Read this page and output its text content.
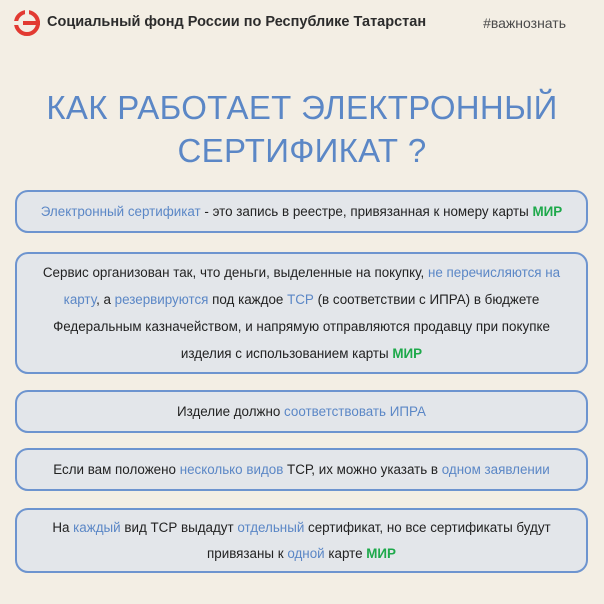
Социальный фонд России по Республике Татарстан	#важнознать
КАК РАБОТАЕТ ЭЛЕКТРОННЫЙ
СЕРТИФИКАТ ?
Электронный сертификат - это запись в реестре, привязанная к номеру карты МИР
Сервис организован так, что деньги, выделенные на покупку, не перечисляются на карту, а резервируются под каждое ТСР (в соответствии с ИПРА) в бюджете Федеральным казначейством, и напрямую отправляются продавцу при покупке изделия с использованием карты МИР
Изделие должно соответствовать ИПРА
Если вам положено несколько видов ТСР, их можно указать в одном заявлении
На каждый вид ТСР выдадут отдельный сертификат, но все сертификаты будут привязаны к одной карте МИР
